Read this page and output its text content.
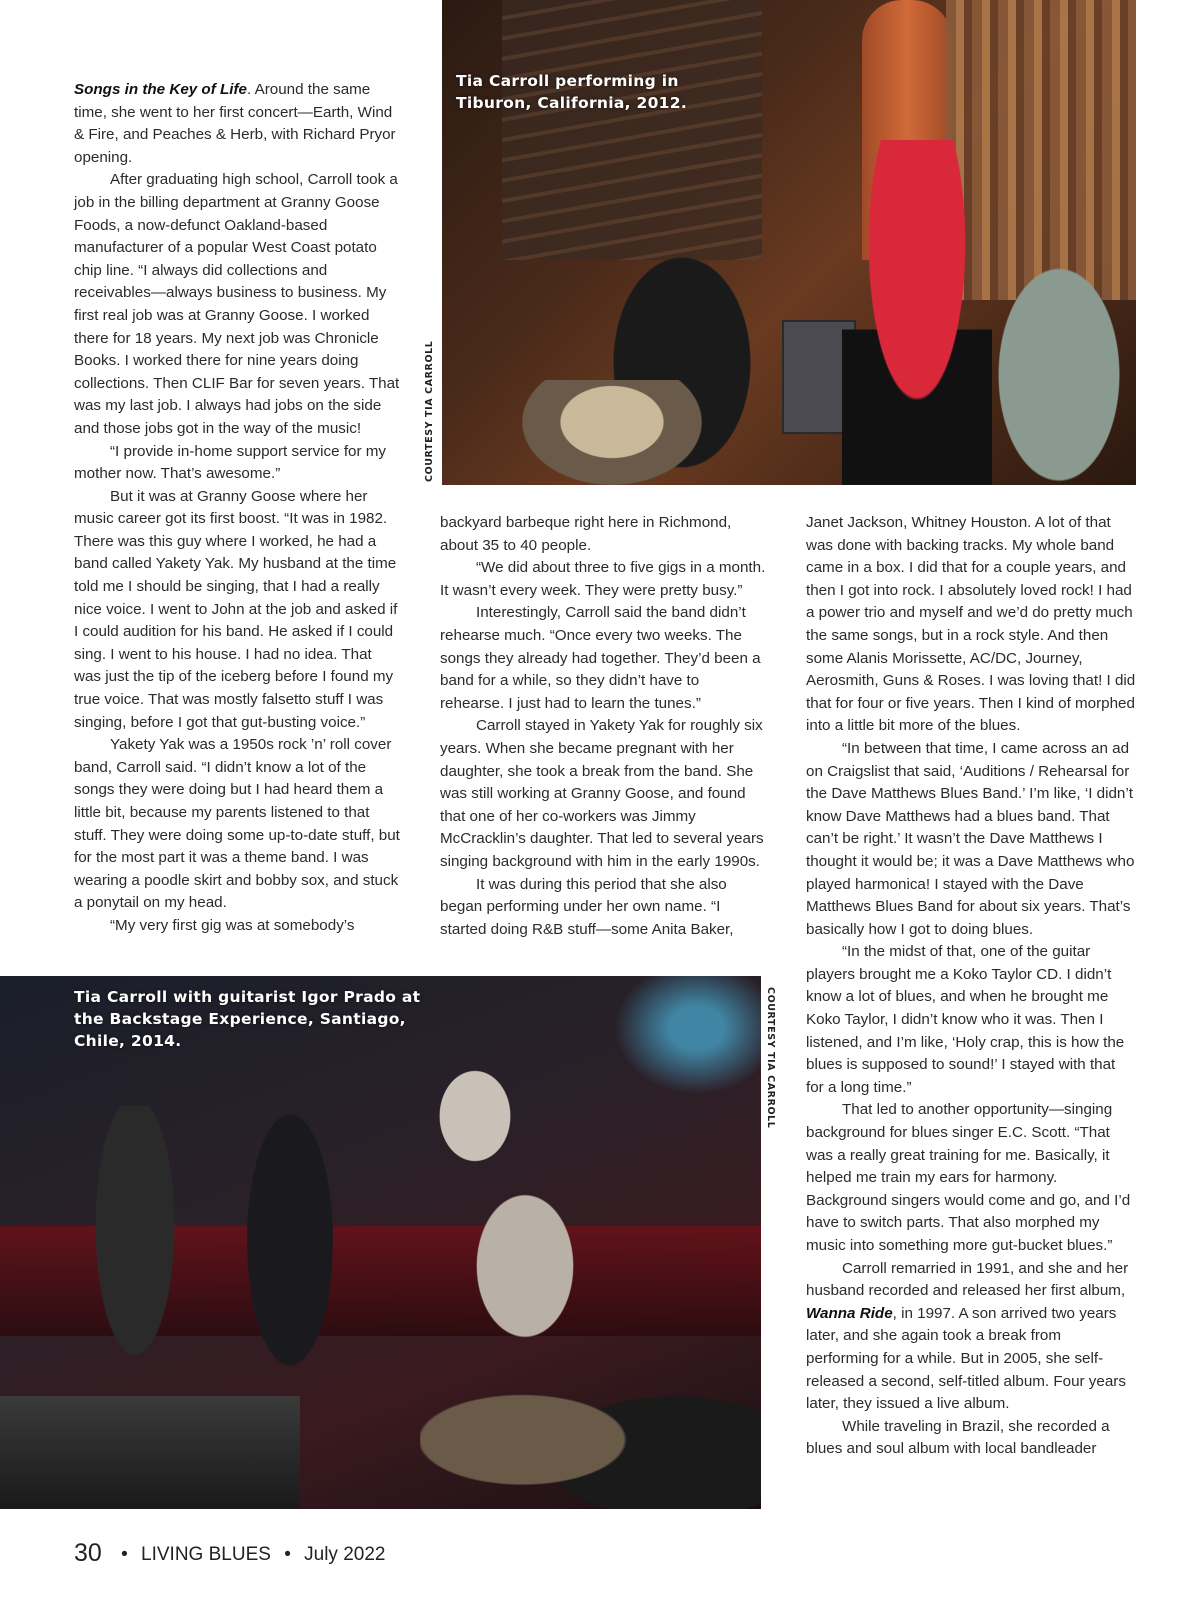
Songs in the Key of Life. Around the same time, she went to her first concert—Earth, Wind & Fire, and Peaches & Herb, with Richard Pryor opening.

After graduating high school, Carroll took a job in the billing department at Granny Goose Foods, a now-defunct Oakland-based manufacturer of a popular West Coast potato chip line. “I always did collections and receivables—always business to business. My first real job was at Granny Goose. I worked there for 18 years. My next job was Chronicle Books. I worked there for nine years doing collections. Then CLIF Bar for seven years. That was my last job. I always had jobs on the side and those jobs got in the way of the music!

“I provide in-home support service for my mother now. That’s awesome.”

But it was at Granny Goose where her music career got its first boost. “It was in 1982. There was this guy where I worked, he had a band called Yakety Yak. My husband at the time told me I should be singing, that I had a really nice voice. I went to John at the job and asked if I could audition for his band. He asked if I could sing. I went to his house. I had no idea. That was just the tip of the iceberg before I found my true voice. That was mostly falsetto stuff I was singing, before I got that gut-busting voice.”

Yakety Yak was a 1950s rock ’n’ roll cover band, Carroll said. “I didn’t know a lot of the songs they were doing but I had heard them a little bit, because my parents listened to that stuff. They were doing some up-to-date stuff, but for the most part it was a theme band. I was wearing a poodle skirt and bobby sox, and stuck a ponytail on my head.

“My very first gig was at somebody’s

Tia Carroll performing in Tiburon, California, 2012.
COURTESY TIA CARROLL

backyard barbeque right here in Richmond, about 35 to 40 people.

“We did about three to five gigs in a month. It wasn’t every week. They were pretty busy.”

Interestingly, Carroll said the band didn’t rehearse much. “Once every two weeks. The songs they already had together. They’d been a band for a while, so they didn’t have to rehearse. I just had to learn the tunes.”

Carroll stayed in Yakety Yak for roughly six years. When she became pregnant with her daughter, she took a break from the band. She was still working at Granny Goose, and found that one of her co-workers was Jimmy McCracklin’s daughter. That led to several years singing background with him in the early 1990s.

It was during this period that she also began performing under her own name. “I started doing R&B stuff—some Anita Baker,

Janet Jackson, Whitney Houston. A lot of that was done with backing tracks. My whole band came in a box. I did that for a couple years, and then I got into rock. I absolutely loved rock! I had a power trio and myself and we’d do pretty much the same songs, but in a rock style. And then some Alanis Morissette, AC/DC, Journey, Aerosmith, Guns & Roses. I was loving that! I did that for four or five years. Then I kind of morphed into a little bit more of the blues.

“In between that time, I came across an ad on Craigslist that said, ‘Auditions / Rehearsal for the Dave Matthews Blues Band.’ I’m like, ‘I didn’t know Dave Matthews had a blues band. That can’t be right.’ It wasn’t the Dave Matthews I thought it would be; it was a Dave Matthews who played harmonica! I stayed with the Dave Matthews Blues Band for about six years. That’s basically how I got to doing blues.

“In the midst of that, one of the guitar players brought me a Koko Taylor CD. I didn’t know a lot of blues, and when he brought me Koko Taylor, I didn’t know who it was. Then I listened, and I’m like, ‘Holy crap, this is how the blues is supposed to sound!’ I stayed with that for a long time.”

That led to another opportunity—singing background for blues singer E.C. Scott. “That was a really great training for me. Basically, it helped me train my ears for harmony. Background singers would come and go, and I’d have to switch parts. That also morphed my music into something more gut-bucket blues.”

Carroll remarried in 1991, and she and her husband recorded and released her first album, Wanna Ride, in 1997. A son arrived two years later, and she again took a break from performing for a while. But in 2005, she self-released a second, self-titled album. Four years later, they issued a live album.

While traveling in Brazil, she recorded a blues and soul album with local bandleader

Tia Carroll with guitarist Igor Prado at the Backstage Experience, Santiago, Chile, 2014.	COURTESY TIA CARROLL
30 • LIVING BLUES • July 2022
